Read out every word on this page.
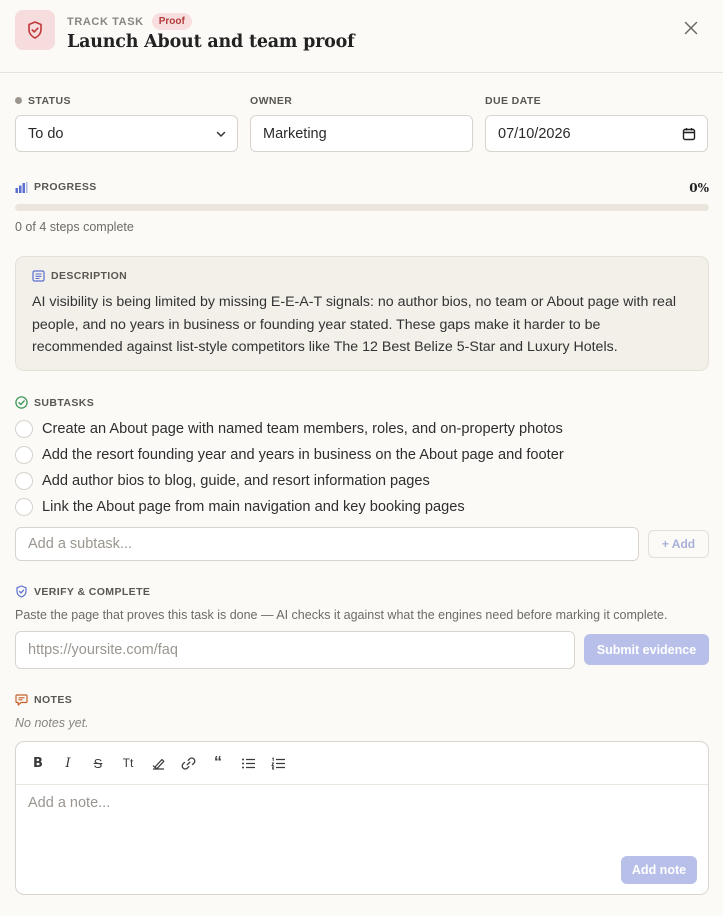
TRACK TASK	Proof
Launch About and team proof
STATUS
To do
OWNER
Marketing
DUE DATE
07/10/2026
PROGRESS	0%
0 of 4 steps complete
DESCRIPTION
AI visibility is being limited by missing E-E-A-T signals: no author bios, no team or About page with real people, and no years in business or founding year stated. These gaps make it harder to be recommended against list-style competitors like The 12 Best Belize 5-Star and Luxury Hotels.
SUBTASKS
Create an About page with named team members, roles, and on-property photos
Add the resort founding year and years in business on the About page and footer
Add author bios to blog, guide, and resort information pages
Link the About page from main navigation and key booking pages
Add a subtask...	+ Add
VERIFY & COMPLETE
Paste the page that proves this task is done — AI checks it against what the engines need before marking it complete.
https://yoursite.com/faq	Submit evidence
NOTES
No notes yet.
B	I	S	Tt	“
Add a note...
Add note
